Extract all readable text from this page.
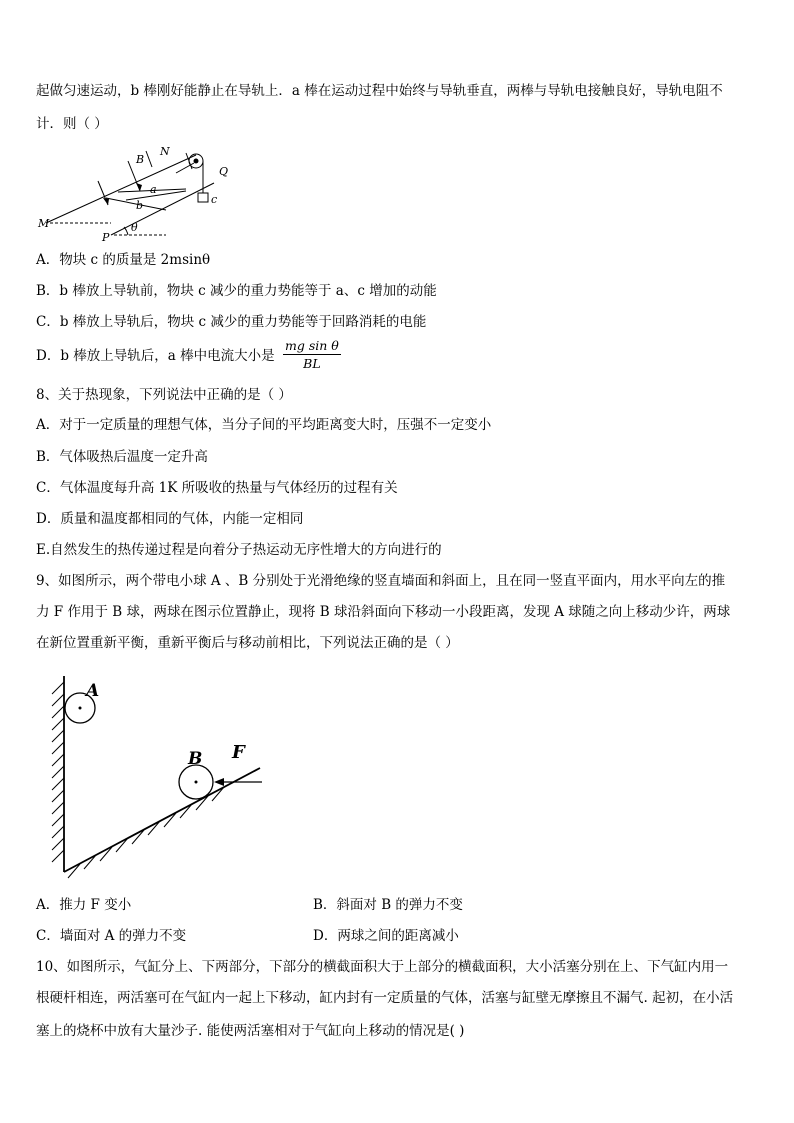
起做匀速运动，b 棒刚好能静止在导轨上．a 棒在运动过程中始终与导轨垂直，两棒与导轨电接触良好，导轨电阻不
计．则（ ）
B
N
Q
a
b	c
M
P
θ
A．物块 c 的质量是 2msinθ
B．b 棒放上导轨前，物块 c 减少的重力势能等于 a、c 增加的动能
C．b 棒放上导轨后，物块 c 减少的重力势能等于回路消耗的电能
D．b 棒放上导轨后，a 棒中电流大小是
mg sin θ
BL
8、关于热现象，下列说法中正确的是（ ）
A．对于一定质量的理想气体，当分子间的平均距离变大时，压强不一定变小
B．气体吸热后温度一定升高
C．气体温度每升高 1K 所吸收的热量与气体经历的过程有关
D．质量和温度都相同的气体，内能一定相同
E.自然发生的热传递过程是向着分子热运动无序性增大的方向进行的
9、如图所示，两个带电小球 A 、B 分别处于光滑绝缘的竖直墙面和斜面上，且在同一竖直平面内，用水平向左的推
力 F 作用于 B 球，两球在图示位置静止，现将 B 球沿斜面向下移动一小段距离，发现 A 球随之向上移动少许，两球
在新位置重新平衡，重新平衡后与移动前相比，下列说法正确的是（ ）
A
B F
A．推力 F 变小	B．斜面对 B 的弹力不变
C．墙面对 A 的弹力不变	D．两球之间的距离减小
10、如图所示，气缸分上、下两部分，下部分的横截面积大于上部分的横截面积，大小活塞分别在上、下气缸内用一
根硬杆相连，两活塞可在气缸内一起上下移动，缸内封有一定质量的气体，活塞与缸壁无摩擦且不漏气. 起初，在小活
塞上的烧杯中放有大量沙子. 能使两活塞相对于气缸向上移动的情况是( )
